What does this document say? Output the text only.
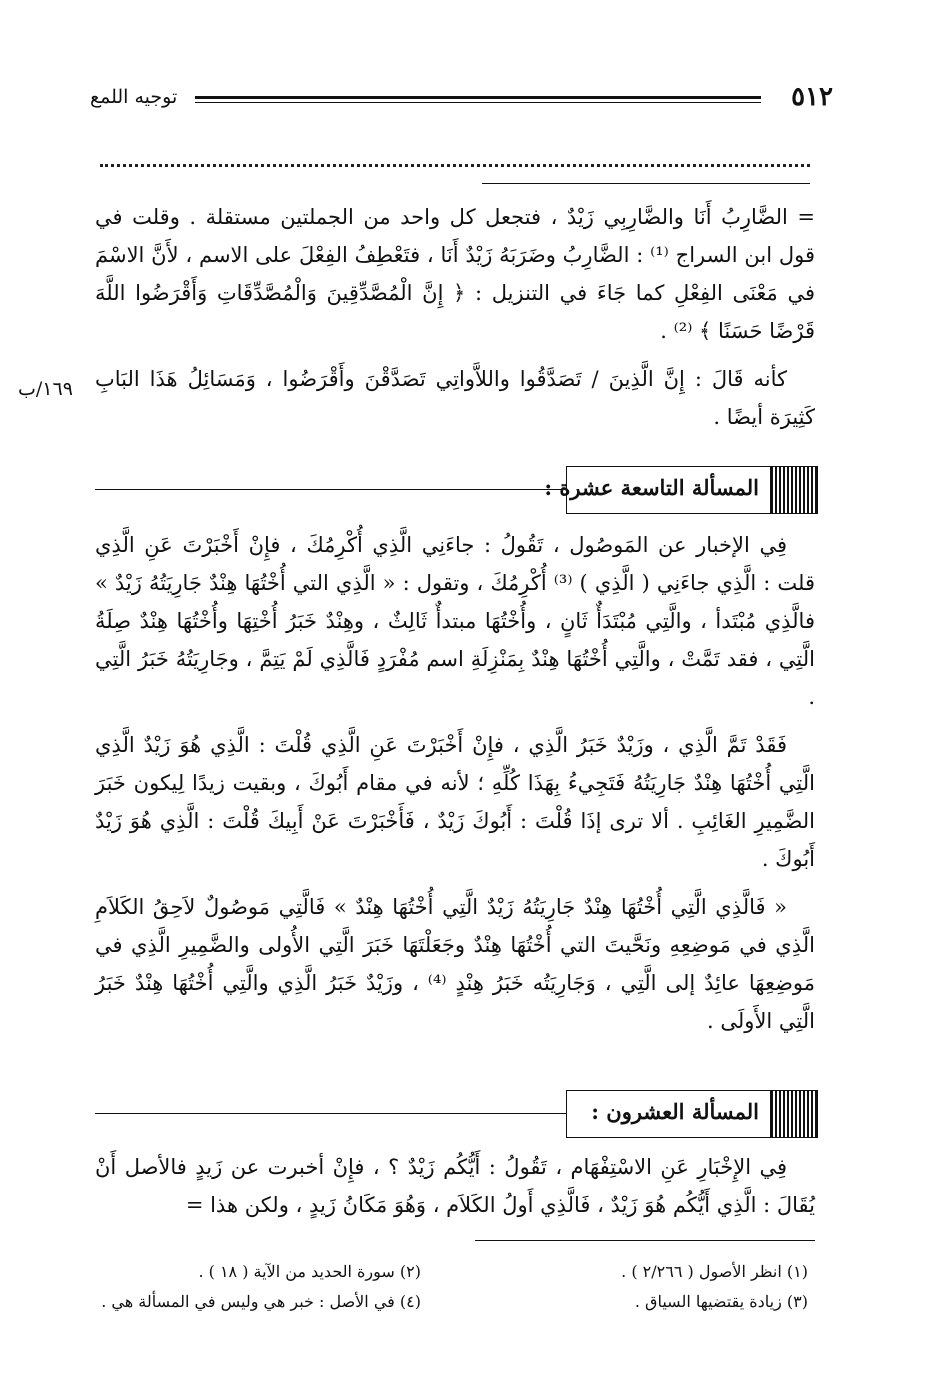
٥١٢
توجيه اللمع

= الضَّارِبُ أَنَا والضَّارِبِي زَيْدٌ ، فتجعل كل واحد من الجملتين مستقلة . وقلت في قول ابن السراج ⁽¹⁾ : الضَّارِبُ وضَرَبَهُ زَيْدٌ أَنَا ، فتَعْطِفُ الفِعْلَ على الاسم ، لأَنَّ الاسْمَ في مَعْنَى الفِعْلِ كما جَاءَ في التنزيل : ﴿ إِنَّ الْمُصَّدِّقِينَ وَالْمُصَّدِّقَاتِ وَأَقْرَضُوا اللَّهَ قَرْضًا حَسَنًا ﴾ ⁽²⁾ .

كأنه قَالَ : إِنَّ الَّذِينَ / تَصَدَّقُوا واللاَّواتِي تَصَدَّقْنَ وأَقْرَضُوا ، وَمَسَائِلُ هَذَا البَابِ كَثِيرَة أيضًا .

١٦٩/ب
المسألة التاسعة عشرة :

فِي الإخبار عن المَوصُول ، تَقُولُ : جاءَنِي الَّذِي أُكْرِمُكَ ، فإِنْ أَخْبَرْتَ عَنِ الَّذِي قلت : الَّذِي جاءَنِي ( الَّذِي ) ⁽³⁾ أُكْرِمُكَ ، وتقول : « الَّذِي التي أُخْتُهَا هِنْدٌ جَارِيَتُهُ زَيْدٌ » فالَّذِي مُبْتَدأ ، والَّتِي مُبْتَدَأٌ ثَانٍ ، وأُخْتُهَا مبتدأٌ ثَالِثٌ ، وهِنْدٌ خَبَرُ أُخْتِهَا وأُخْتُهَا هِنْدٌ صِلَةُ الَّتِي ، فقد تَمَّتْ ، والَّتِي أُخْتُهَا هِنْدٌ بِمَنْزِلَةِ اسم مُفْرَدٍ فَالَّذِي لَمْ يَتِمَّ ، وجَارِيَتُهُ خَبَرُ الَّتِي .

فَقَدْ تَمَّ الَّذِي ، وزَيْدٌ خَبَرُ الَّذِي ، فإِنْ أَخْبَرْتَ عَنِ الَّذِي قُلْتَ : الَّذِي هُوَ زَيْدٌ الَّذِي الَّتِي أُخْتُهَا هِنْدٌ جَارِيَتُهُ فَتَجِيءُ بِهَذَا كُلِّهِ ؛ لأنه في مقام أَبُوكَ ، وبقيت زيدًا لِيكون خَبَرَ الضَّمِيرِ الغَائِبِ . ألا ترى إذَا قُلْتَ : أَبُوكَ زَيْدٌ ، فَأَخْبَرْتَ عَنْ أَبِيكَ قُلْتَ : الَّذِي هُوَ زَيْدٌ أَبُوكَ .

« فَالَّذِي الَّتِي أُخْتُهَا هِنْدٌ جَارِيَتُهُ زَيْدٌ الَّتِي أُخْتُهَا هِنْدٌ » فَالَّتِي مَوصُولٌ لاَحِقُ الكَلاَمِ الَّذِي في مَوضِعِهِ ونَحَّيتَ التي أُخْتُهَا هِنْدٌ وجَعَلْتَهَا خَبَرَ الَّتِي الأُولى والضَّمِيرِ الَّذِي في مَوضِعِهَا عائِدٌ إلى الَّتِي ، وَجَارِيَتُه خَبَرُ هِنْدٍ ⁽⁴⁾ ، وزَيْدٌ خَبَرُ الَّذِي والَّتِي أُخْتُهَا هِنْدٌ خَبَرُ الَّتِي الأَولَى .

المسألة العشرون :

فِي الإِخْبَارِ عَنِ الاسْتِفْهَام ، تَقُولُ : أَيُّكُم زَيْدٌ ؟ ، فإِنْ أخبرت عن زَيدٍ فالأصل أَنْ يُقَالَ : الَّذِي أَيُّكُم هُوَ زَيْدٌ ، فَالَّذِي أَولُ الكَلاَم ، وَهُوَ مَكَانُ زَيدٍ ، ولكن هذا =

(١) انظر الأصول ( ٢/٢٦٦ ) .
(٢) سورة الحديد من الآية ( ١٨ ) .
(٣) زيادة يقتضيها السياق .
(٤) في الأصل : خبر هي وليس في المسألة هي .
